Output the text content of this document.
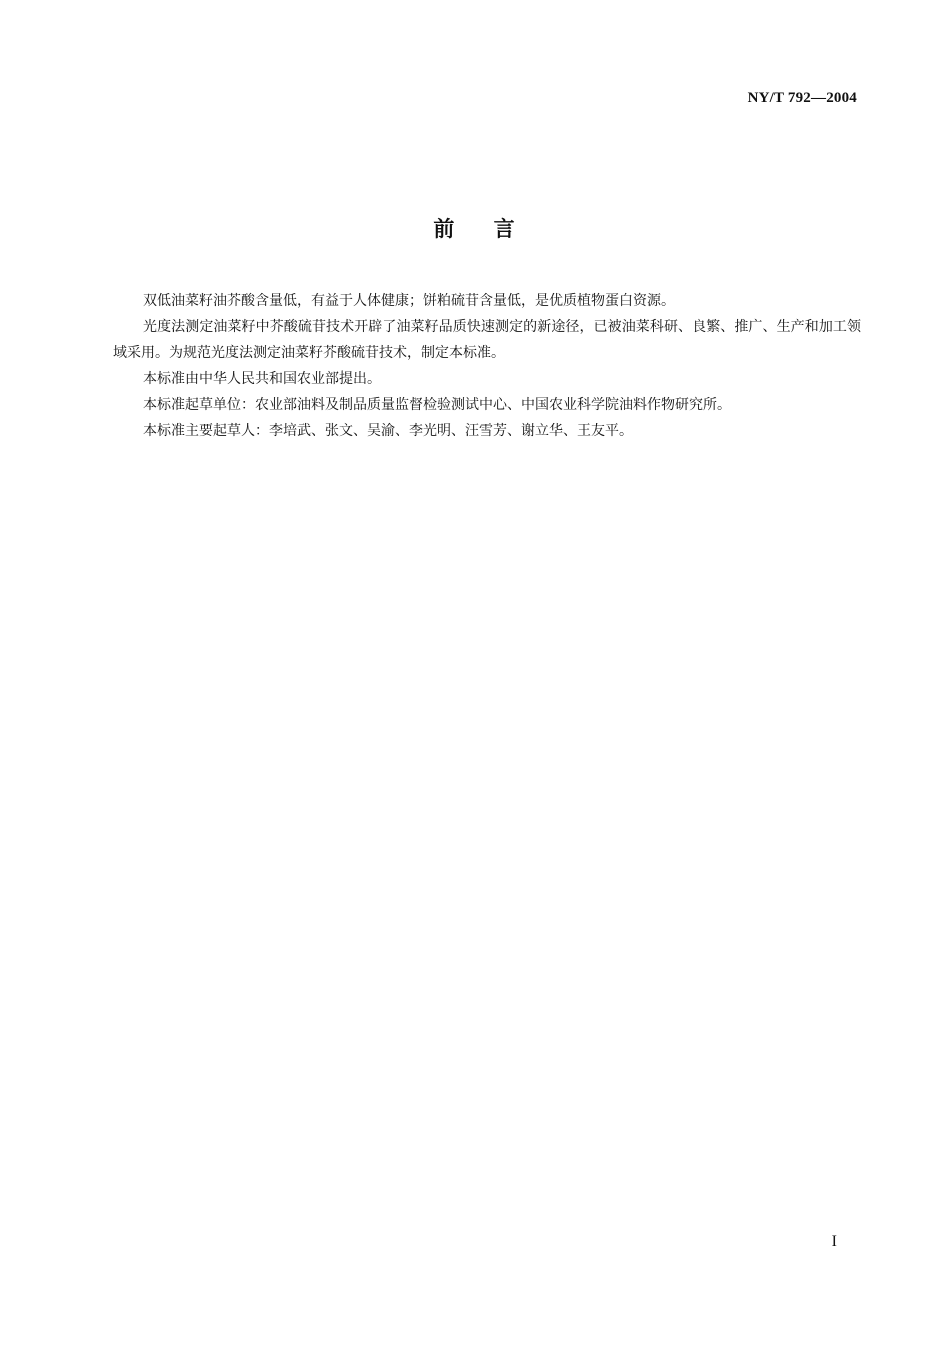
NY/T 792—2004
前    言

双低油菜籽油芥酸含量低，有益于人体健康；饼粕硫苷含量低，是优质植物蛋白资源。

光度法测定油菜籽中芥酸硫苷技术开辟了油菜籽品质快速测定的新途径，已被油菜科研、良繁、推广、生产和加工领域采用。为规范光度法测定油菜籽芥酸硫苷技术，制定本标准。

本标准由中华人民共和国农业部提出。

本标准起草单位：农业部油料及制品质量监督检验测试中心、中国农业科学院油料作物研究所。

本标准主要起草人：李培武、张文、吴渝、李光明、汪雪芳、谢立华、王友平。

I
